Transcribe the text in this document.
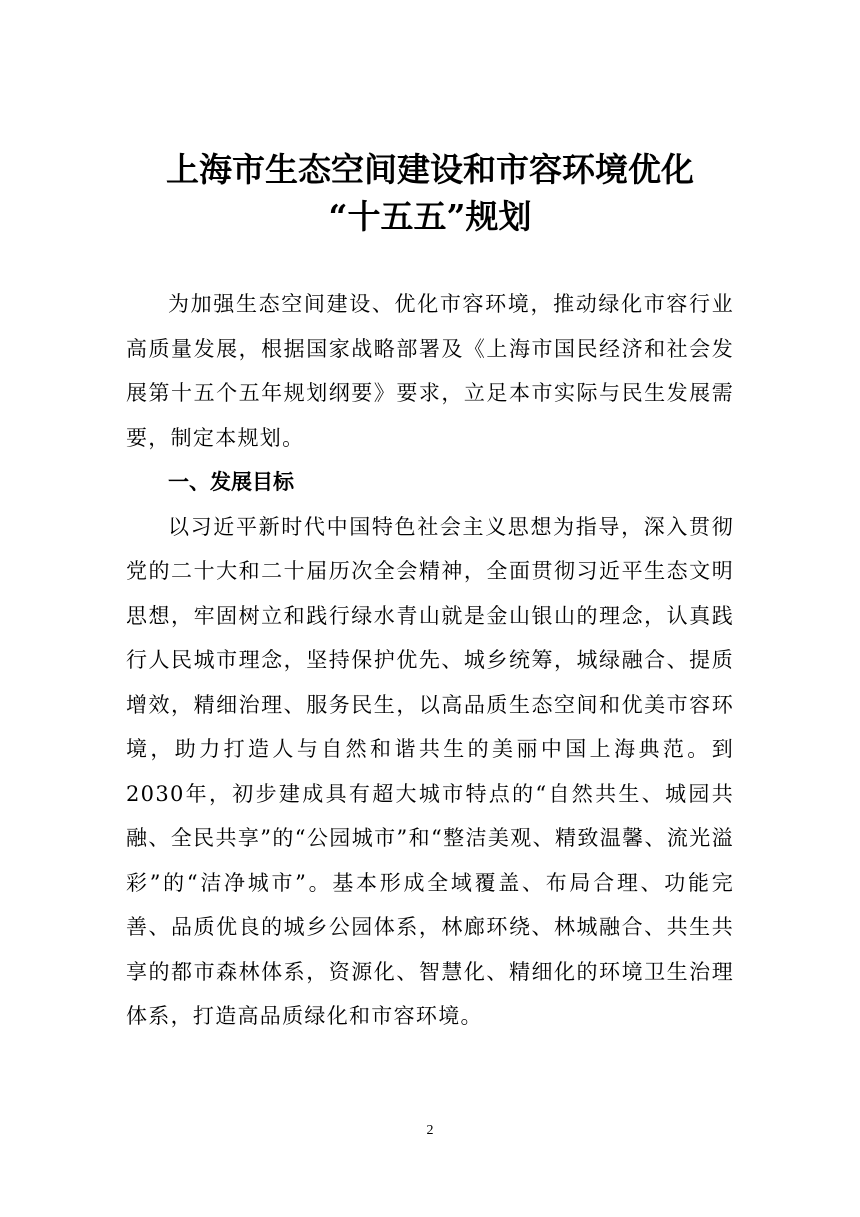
上海市生态空间建设和市容环境优化
“十五五”规划

为加强生态空间建设、优化市容环境，推动绿化市容行业高质量发展，根据国家战略部署及《上海市国民经济和社会发展第十五个五年规划纲要》要求，立足本市实际与民生发展需要，制定本规划。

一、发展目标

以习近平新时代中国特色社会主义思想为指导，深入贯彻党的二十大和二十届历次全会精神，全面贯彻习近平生态文明思想，牢固树立和践行绿水青山就是金山银山的理念，认真践行人民城市理念，坚持保护优先、城乡统筹，城绿融合、提质增效，精细治理、服务民生，以高品质生态空间和优美市容环境，助力打造人与自然和谐共生的美丽中国上海典范。到2030年，初步建成具有超大城市特点的“自然共生、城园共融、全民共享”的“公园城市”和“整洁美观、精致温馨、流光溢彩”的“洁净城市”。基本形成全域覆盖、布局合理、功能完善、品质优良的城乡公园体系，林廊环绕、林城融合、共生共享的都市森林体系，资源化、智慧化、精细化的环境卫生治理体系，打造高品质绿化和市容环境。

2
